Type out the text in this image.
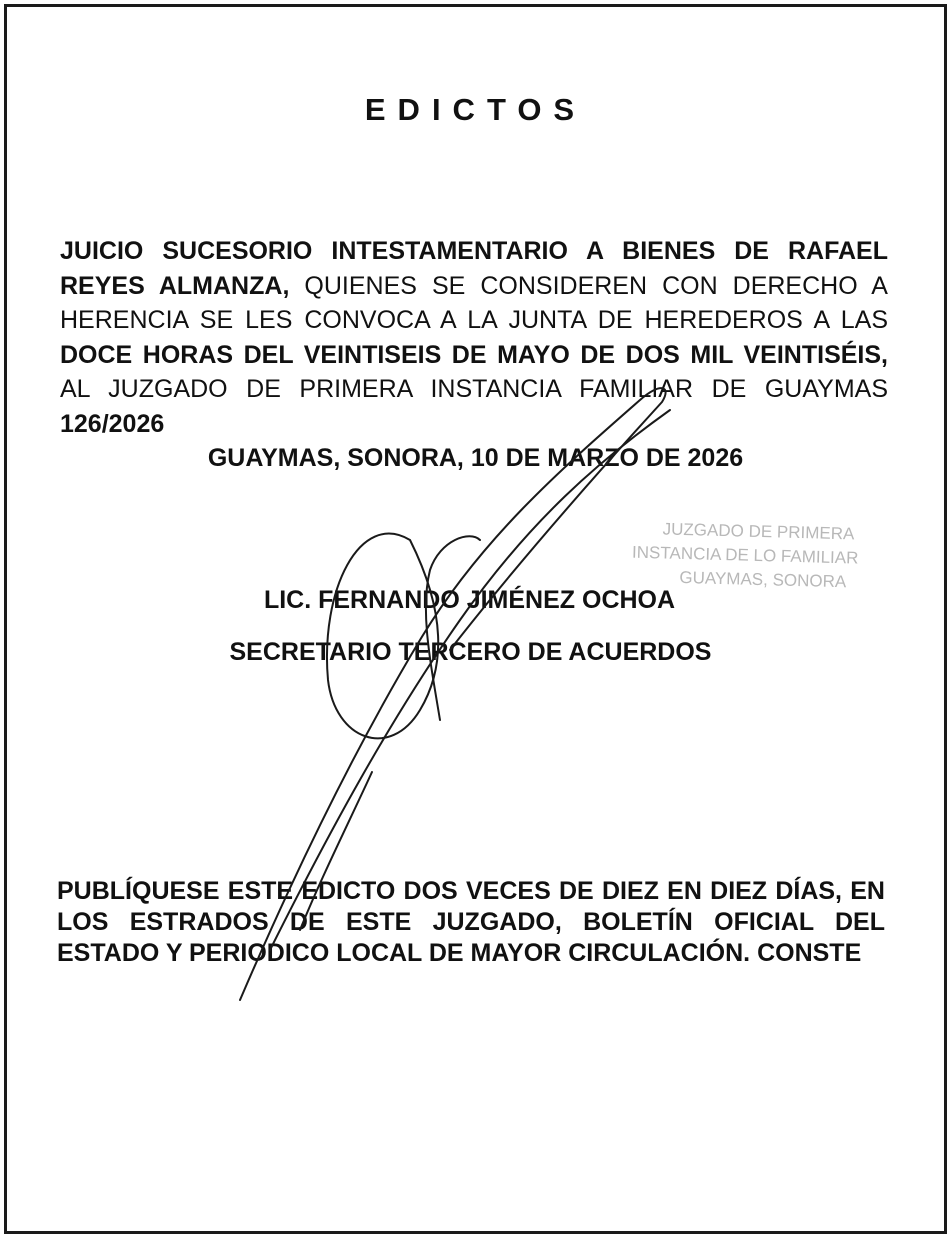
EDICTOS
JUICIO SUCESORIO INTESTAMENTARIO A BIENES DE RAFAEL REYES ALMANZA, QUIENES SE CONSIDEREN CON DERECHO A HERENCIA SE LES CONVOCA A LA JUNTA DE HEREDEROS A LAS DOCE HORAS DEL VEINTISEIS DE MAYO DE DOS MIL VEINTISÉIS, AL JUZGADO DE PRIMERA INSTANCIA FAMILIAR DE GUAYMAS 126/2026
GUAYMAS, SONORA, 10 DE MARZO DE 2026
JUZGADO DE PRIMERA
INSTANCIA DE LO FAMILIAR
GUAYMAS, SONORA
LIC. FERNANDO JIMÉNEZ OCHOA
SECRETARIO TERCERO DE ACUERDOS
PUBLÍQUESE ESTE EDICTO DOS VECES DE DIEZ EN DIEZ DÍAS, EN LOS ESTRADOS DE ESTE JUZGADO, BOLETÍN OFICIAL DEL ESTADO Y PERIODICO LOCAL DE MAYOR CIRCULACIÓN. CONSTE
